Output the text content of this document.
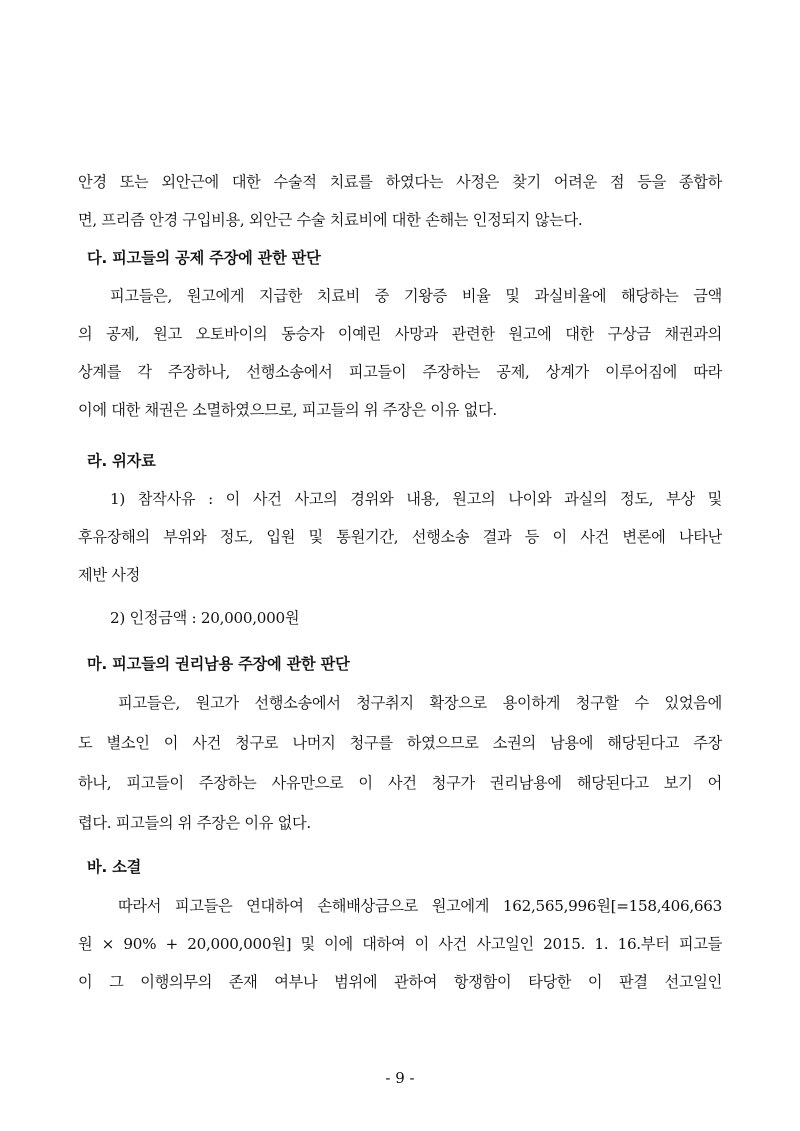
안경 또는 외안근에 대한 수술적 치료를 하였다는 사정은 찾기 어려운 점 등을 종합하
면, 프리즘 안경 구입비용, 외안근 수술 치료비에 대한 손해는 인정되지 않는다.
다. 피고들의 공제 주장에 관한 판단
피고들은, 원고에게 지급한 치료비 중 기왕증 비율 및 과실비율에 해당하는 금액
의 공제, 원고 오토바이의 동승자 이예린 사망과 관련한 원고에 대한 구상금 채권과의
상계를 각 주장하나, 선행소송에서 피고들이 주장하는 공제, 상계가 이루어짐에 따라
이에 대한 채권은 소멸하였으므로, 피고들의 위 주장은 이유 없다.
라. 위자료
1) 참작사유 : 이 사건 사고의 경위와 내용, 원고의 나이와 과실의 정도, 부상 및
후유장해의 부위와 정도, 입원 및 통원기간, 선행소송 결과 등 이 사건 변론에 나타난
제반 사정
2) 인정금액 : 20,000,000원
마. 피고들의 권리남용 주장에 관한 판단
피고들은, 원고가 선행소송에서 청구취지 확장으로 용이하게 청구할 수 있었음에
도 별소인 이 사건 청구로 나머지 청구를 하였으므로 소권의 남용에 해당된다고 주장
하나, 피고들이 주장하는 사유만으로 이 사건 청구가 권리남용에 해당된다고 보기 어
렵다. 피고들의 위 주장은 이유 없다.
바. 소결
따라서 피고들은 연대하여 손해배상금으로 원고에게 162,565,996원[=158,406,663
원 × 90% + 20,000,000원] 및 이에 대하여 이 사건 사고일인 2015. 1. 16.부터 피고들
이 그 이행의무의 존재 여부나 범위에 관하여 항쟁함이 타당한 이 판결 선고일인
- 9 -
